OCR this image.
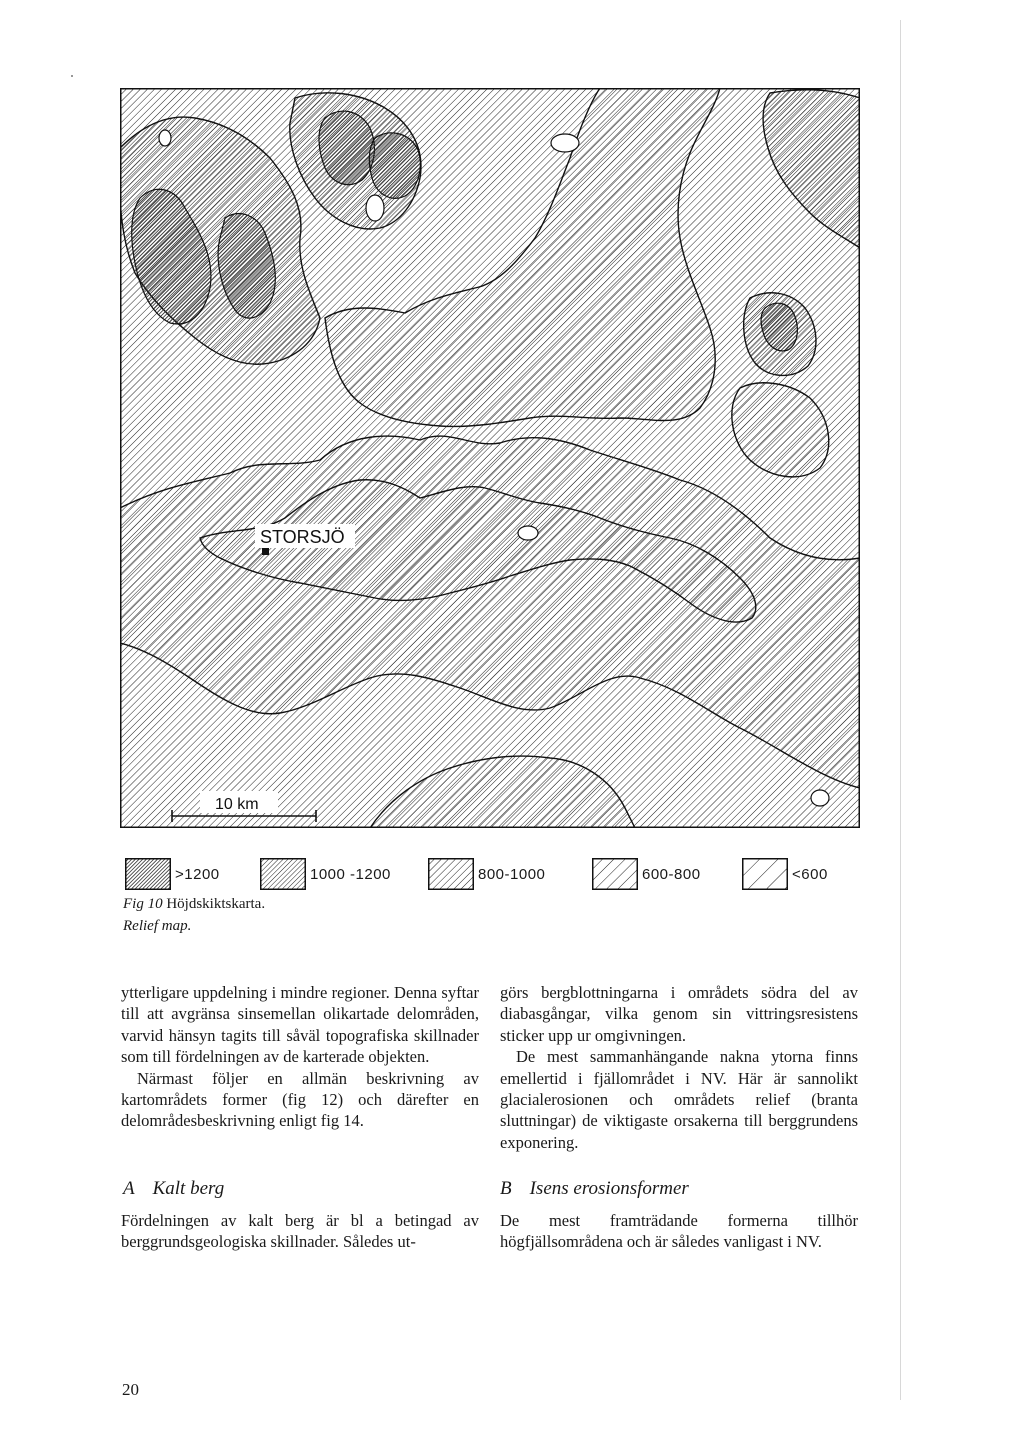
STORSJÖ
10 km
>1200	1000 -1200	800-1000	600-800	<600
Fig 10 Höjdskiktskarta.
Relief map.

ytterligare uppdelning i mindre regioner. Denna syftar till att avgränsa sinsemellan olikartade delområden, varvid hänsyn tagits till såväl topografiska skillnader som till fördelningen av de karterade objekten.

Närmast följer en allmän beskrivning av kartområdets former (fig 12) och därefter en delområdesbeskrivning enligt fig 14.

görs bergblottningarna i områdets södra del av diabasgångar, vilka genom sin vittringsresistens sticker upp ur omgivningen.

De mest sammanhängande nakna ytorna finns emellertid i fjällområdet i NV. Här är sannolikt glacialerosionen och områdets relief (branta sluttningar) de viktigaste orsakerna till berggrundens exponering.

A Kalt berg
Fördelningen av kalt berg är bl a betingad av berggrundsgeologiska skillnader. Således ut-
B Isens erosionsformer
De mest framträdande formerna tillhör högfjällsområdena och är således vanligast i NV.
20
